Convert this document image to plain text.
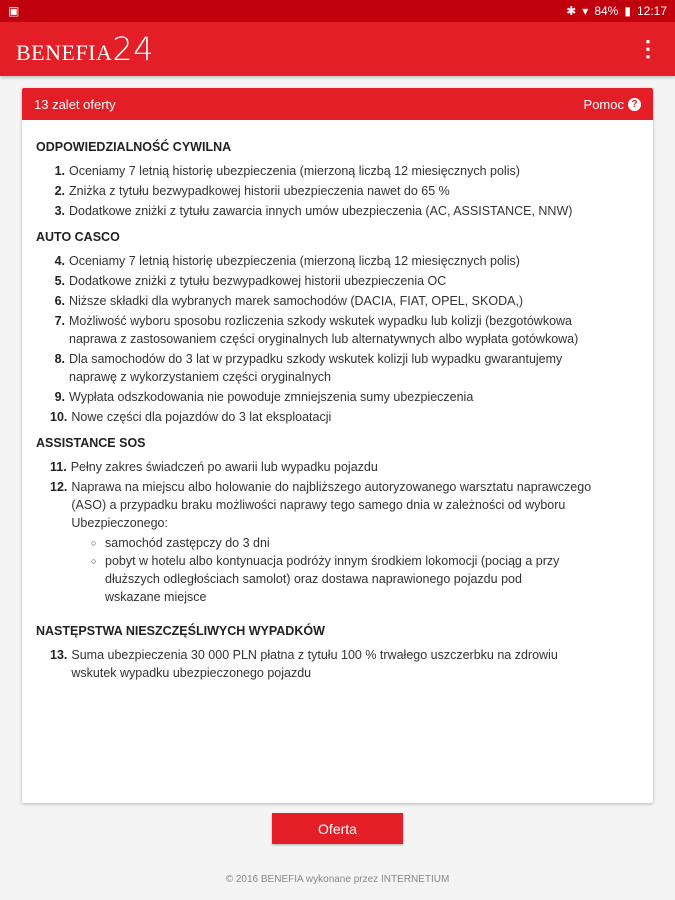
▣	✱ ▾ 84% ▮ 12:17
BENEFIA24	⋮
13 zalet oferty	Pomoc ?
ODPOWIEDZIALNOŚĆ CYWILNA
1. Oceniamy 7 letnią historię ubezpieczenia (mierzoną liczbą 12 miesięcznych polis)
2. Zniżka z tytułu bezwypadkowej historii ubezpieczenia nawet do 65 %
3. Dodatkowe zniżki z tytułu zawarcia innych umów ubezpieczenia (AC, ASSISTANCE, NNW)
AUTO CASCO
4. Oceniamy 7 letnią historię ubezpieczenia (mierzoną liczbą 12 miesięcznych polis)
5. Dodatkowe zniżki z tytułu bezwypadkowej historii ubezpieczenia OC
6. Niższe składki dla wybranych marek samochodów (DACIA, FIAT, OPEL, SKODA,)
7. Możliwość wyboru sposobu rozliczenia szkody wskutek wypadku lub kolizji (bezgotówkowa naprawa z zastosowaniem części oryginalnych lub alternatywnych albo wypłata gotówkowa)
8. Dla samochodów do 3 lat w przypadku szkody wskutek kolizji lub wypadku gwarantujemy naprawę z wykorzystaniem części oryginalnych
9. Wypłata odszkodowania nie powoduje zmniejszenia sumy ubezpieczenia
10. Nowe części dla pojazdów do 3 lat eksploatacji
ASSISTANCE SOS
11. Pełny zakres świadczeń po awarii lub wypadku pojazdu
12. Naprawa na miejscu albo holowanie do najbliższego autoryzowanego warsztatu naprawczego (ASO) a przypadku braku możliwości naprawy tego samego dnia w zależności od wyboru Ubezpieczonego:
○ samochód zastępczy do 3 dni
○ pobyt w hotelu albo kontynuacja podróży innym środkiem lokomocji (pociąg a przy dłuższych odległościach samolot) oraz dostawa naprawionego pojazdu pod wskazane miejsce
NASTĘPSTWA NIESZCZĘŚLIWYCH WYPADKÓW
13. Suma ubezpieczenia 30 000 PLN płatna z tytułu 100 % trwałego uszczerbku na zdrowiu wskutek wypadku ubezpieczonego pojazdu
Oferta
© 2016 BENEFIA wykonane przez INTERNETIUM
